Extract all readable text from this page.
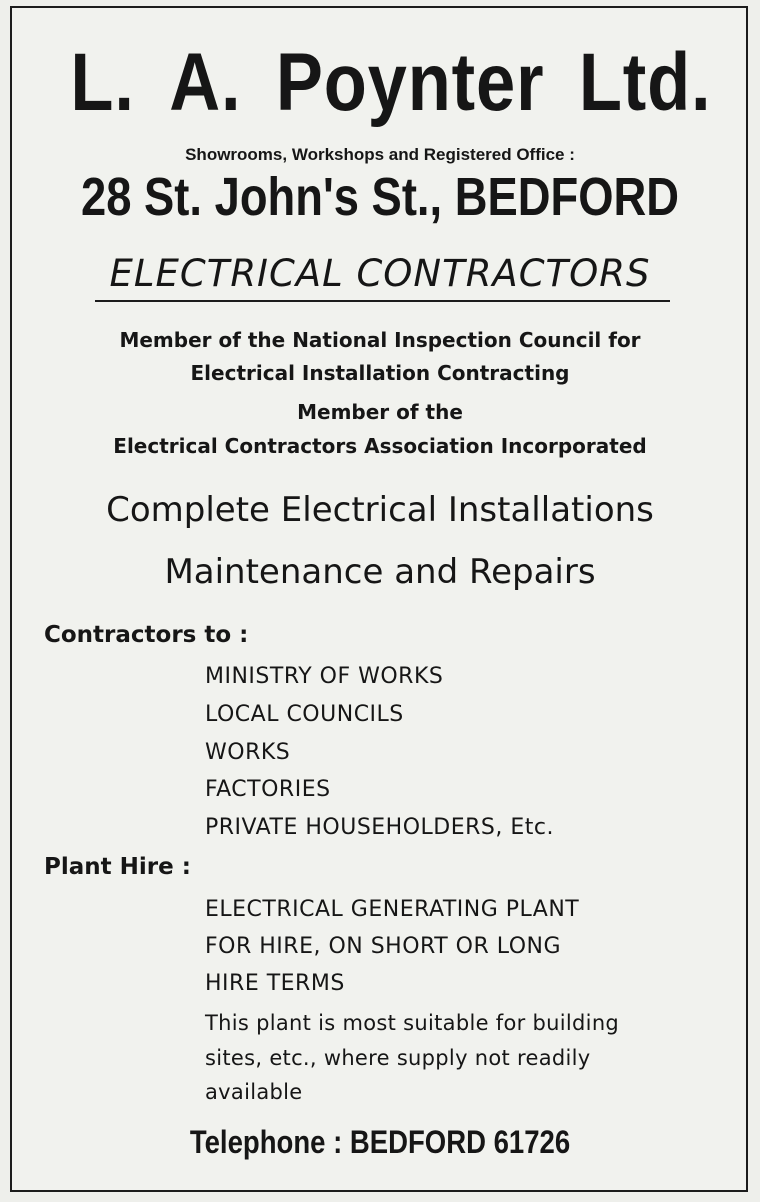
L. A. Poynter Ltd.
Showrooms, Workshops and Registered Office :
28 St. John's St., BEDFORD
ELECTRICAL CONTRACTORS
Member of the National Inspection Council for
Electrical Installation Contracting
Member of the
Electrical Contractors Association Incorporated
Complete Electrical Installations
Maintenance and Repairs
Contractors to :
MINISTRY OF WORKS
LOCAL COUNCILS
WORKS
FACTORIES
PRIVATE HOUSEHOLDERS, Etc.
Plant Hire :
ELECTRICAL GENERATING PLANT
FOR HIRE, ON SHORT OR LONG
HIRE TERMS
This plant is most suitable for building
sites, etc., where supply not readily
available
Telephone : BEDFORD 61726
